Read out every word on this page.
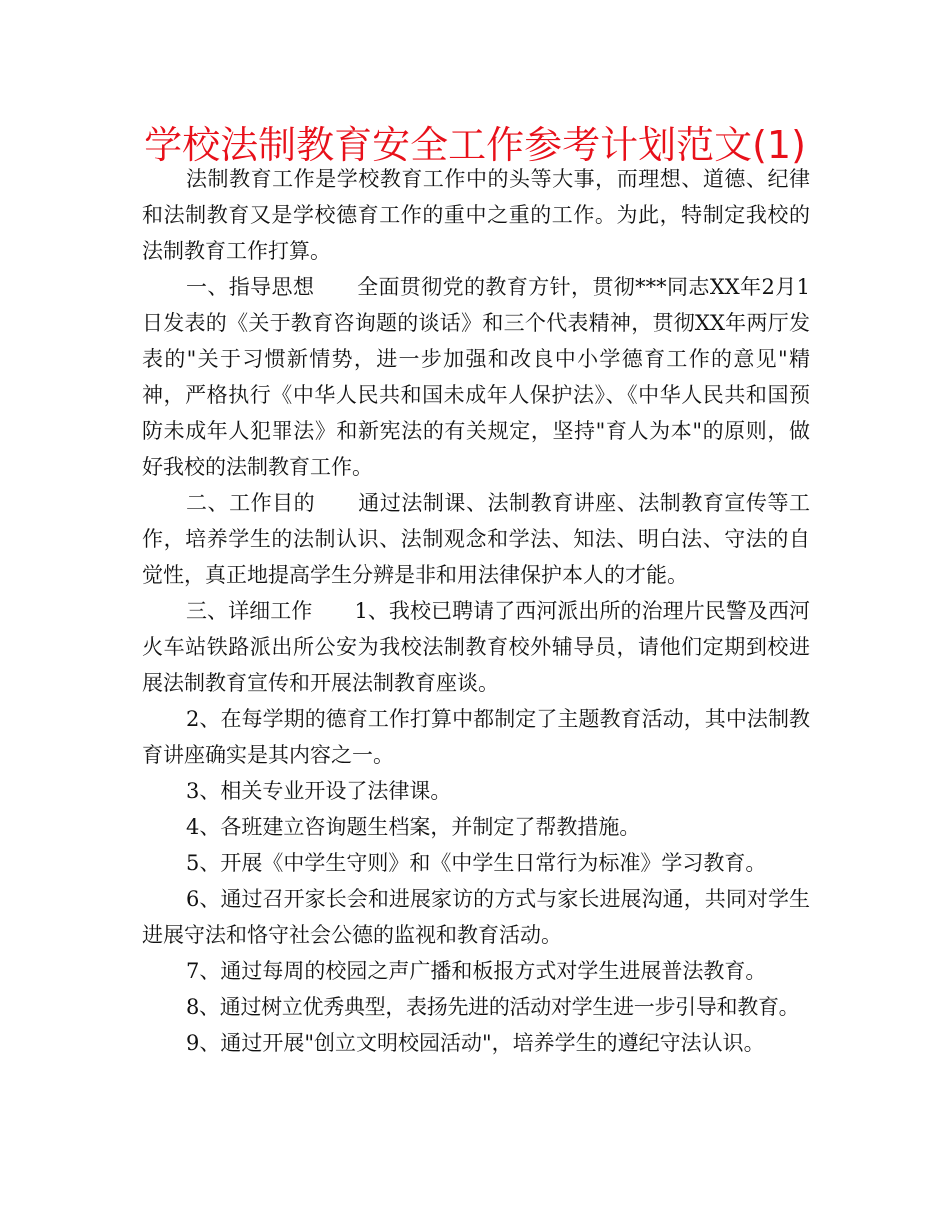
学校法制教育安全工作参考计划范文(1)

法制教育工作是学校教育工作中的头等大事，而理想、道德、纪律和法制教育又是学校德育工作的重中之重的工作。为此，特制定我校的法制教育工作打算。

一、指导思想　　全面贯彻党的教育方针，贯彻***同志XX年2月1日发表的《关于教育咨询题的谈话》和三个代表精神，贯彻XX年两厅发表的"关于习惯新情势，进一步加强和改良中小学德育工作的意见"精神，严格执行《中华人民共和国未成年人保护法》、《中华人民共和国预防未成年人犯罪法》和新宪法的有关规定，坚持"育人为本"的原则，做好我校的法制教育工作。

二、工作目的　　通过法制课、法制教育讲座、法制教育宣传等工作，培养学生的法制认识、法制观念和学法、知法、明白法、守法的自觉性，真正地提高学生分辨是非和用法律保护本人的才能。

三、详细工作　　1、我校已聘请了西河派出所的治理片民警及西河火车站铁路派出所公安为我校法制教育校外辅导员，请他们定期到校进展法制教育宣传和开展法制教育座谈。

2、在每学期的德育工作打算中都制定了主题教育活动，其中法制教育讲座确实是其内容之一。

3、相关专业开设了法律课。

4、各班建立咨询题生档案，并制定了帮教措施。

5、开展《中学生守则》和《中学生日常行为标准》学习教育。

6、通过召开家长会和进展家访的方式与家长进展沟通，共同对学生进展守法和恪守社会公德的监视和教育活动。

7、通过每周的校园之声广播和板报方式对学生进展普法教育。

8、通过树立优秀典型，表扬先进的活动对学生进一步引导和教育。

9、通过开展"创立文明校园活动"，培养学生的遵纪守法认识。
